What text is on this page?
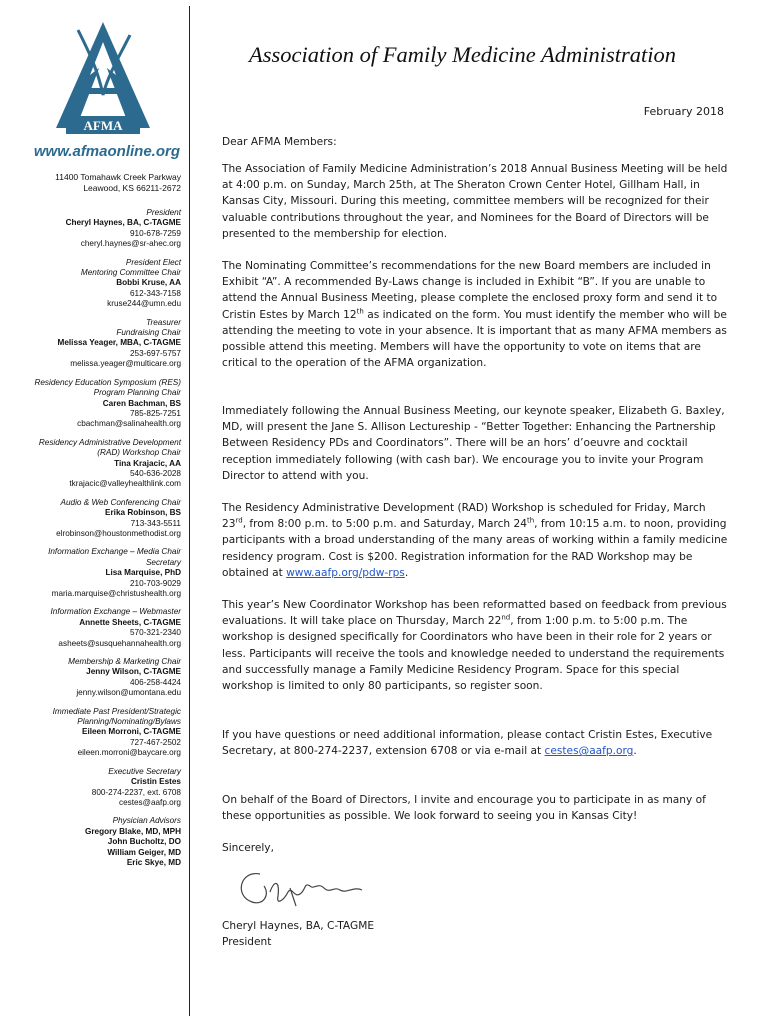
AFMA
www.afmaonline.org
11400 Tomahawk Creek Parkway
Leawood, KS 66211-2672
President
Cheryl Haynes, BA, C-TAGME
910-678-7259
cheryl.haynes@sr-ahec.org
President Elect
Mentoring Committee Chair
Bobbi Kruse, AA
612-343-7158
kruse244@umn.edu
Treasurer
Fundraising Chair
Melissa Yeager, MBA, C-TAGME
253-697-5757
melissa.yeager@multicare.org
Residency Education Symposium (RES)
Program Planning Chair
Caren Bachman, BS
785-825-7251
cbachman@salinahealth.org
Residency Administrative Development
(RAD) Workshop Chair
Tina Krajacic, AA
540-636-2028
tkrajacic@valleyhealthlink.com
Audio & Web Conferencing Chair
Erika Robinson, BS
713-343-5511
elrobinson@houstonmethodist.org
Information Exchange – Media Chair
Secretary
Lisa Marquise, PhD
210-703-9029
maria.marquise@christushealth.org
Information Exchange – Webmaster
Annette Sheets, C-TAGME
570-321-2340
asheets@susquehannahealth.org
Membership & Marketing Chair
Jenny Wilson, C-TAGME
406-258-4424
jenny.wilson@umontana.edu
Immediate Past President/Strategic
Planning/Nominating/Bylaws
Eileen Morroni, C-TAGME
727-467-2502
eileen.morroni@baycare.org
Executive Secretary
Cristin Estes
800-274-2237, ext. 6708
cestes@aafp.org
Physician Advisors
Gregory Blake, MD, MPH
John Bucholtz, DO
William Geiger, MD
Eric Skye, MD
Association of Family Medicine Administration
February 2018
Dear AFMA Members:

The Association of Family Medicine Administration’s 2018 Annual Business Meeting will be held at 4:00 p.m. on Sunday, March 25th, at The Sheraton Crown Center Hotel, Gillham Hall, in Kansas City, Missouri. During this meeting, committee members will be recognized for their valuable contributions throughout the year, and Nominees for the Board of Directors will be presented to the membership for election.

The Nominating Committee’s recommendations for the new Board members are included in Exhibit “A”. A recommended By-Laws change is included in Exhibit “B”. If you are unable to attend the Annual Business Meeting, please complete the enclosed proxy form and send it to Cristin Estes by March 12th as indicated on the form. You must identify the member who will be attending the meeting to vote in your absence. It is important that as many AFMA members as possible attend this meeting. Members will have the opportunity to vote on items that are critical to the operation of the AFMA organization.

Immediately following the Annual Business Meeting, our keynote speaker, Elizabeth G. Baxley, MD, will present the Jane S. Allison Lectureship - “Better Together: Enhancing the Partnership Between Residency PDs and Coordinators”. There will be an hors’ d’oeuvre and cocktail reception immediately following (with cash bar). We encourage you to invite your Program Director to attend with you.

The Residency Administrative Development (RAD) Workshop is scheduled for Friday, March 23rd, from 8:00 p.m. to 5:00 p.m. and Saturday, March 24th, from 10:15 a.m. to noon, providing participants with a broad understanding of the many areas of working within a family medicine residency program. Cost is $200. Registration information for the RAD Workshop may be obtained at www.aafp.org/pdw-rps.

This year’s New Coordinator Workshop has been reformatted based on feedback from previous evaluations. It will take place on Thursday, March 22nd, from 1:00 p.m. to 5:00 p.m. The workshop is designed specifically for Coordinators who have been in their role for 2 years or less. Participants will receive the tools and knowledge needed to understand the requirements and successfully manage a Family Medicine Residency Program. Space for this special workshop is limited to only 80 participants, so register soon.

If you have questions or need additional information, please contact Cristin Estes, Executive Secretary, at 800-274-2237, extension 6708 or via e-mail at cestes@aafp.org.

On behalf of the Board of Directors, I invite and encourage you to participate in as many of these opportunities as possible. We look forward to seeing you in Kansas City!

Sincerely,
Cheryl Haynes, BA, C-TAGME
President
